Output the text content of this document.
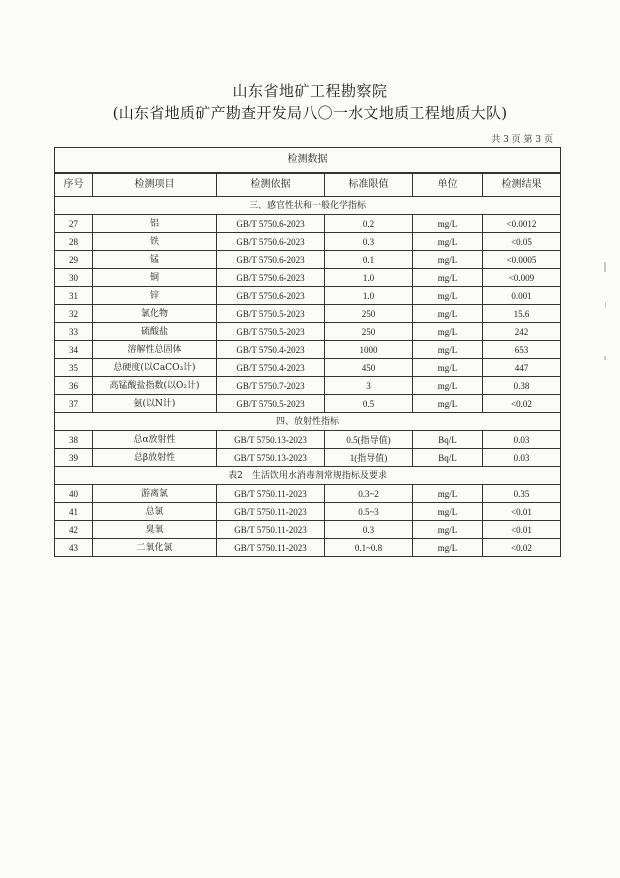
山东省地矿工程勘察院
(山东省地质矿产勘查开发局八〇一水文地质工程地质大队)
共 3 页 第 3 页
检测数据					
序号	检测项目	检测依据	标准限值	单位	检测结果
三、感官性状和一般化学指标					
27	铝	GB/T 5750.6-2023	0.2	mg/L	<0.0012
28	铁	GB/T 5750.6-2023	0.3	mg/L	<0.05
29	锰	GB/T 5750.6-2023	0.1	mg/L	<0.0005
30	铜	GB/T 5750.6-2023	1.0	mg/L	<0.009
31	锌	GB/T 5750.6-2023	1.0	mg/L	0.001
32	氯化物	GB/T 5750.5-2023	250	mg/L	15.6
33	硫酸盐	GB/T 5750.5-2023	250	mg/L	242
34	溶解性总固体	GB/T 5750.4-2023	1000	mg/L	653
35	总硬度(以CaCO₃计)	GB/T 5750.4-2023	450	mg/L	447
36	高锰酸盐指数(以O₂计)	GB/T 5750.7-2023	3	mg/L	0.38
37	氨(以N计)	GB/T 5750.5-2023	0.5	mg/L	<0.02
四、放射性指标					
38	总α放射性	GB/T 5750.13-2023	0.5(指导值)	Bq/L	0.03
39	总β放射性	GB/T 5750.13-2023	1(指导值)	Bq/L	0.03
表2　生活饮用水消毒剂常规指标及要求					
40	游离氯	GB/T 5750.11-2023	0.3~2	mg/L	0.35
41	总氯	GB/T 5750.11-2023	0.5~3	mg/L	<0.01
42	臭氧	GB/T 5750.11-2023	0.3	mg/L	<0.01
43	二氧化氯	GB/T 5750.11-2023	0.1~0.8	mg/L	<0.02
